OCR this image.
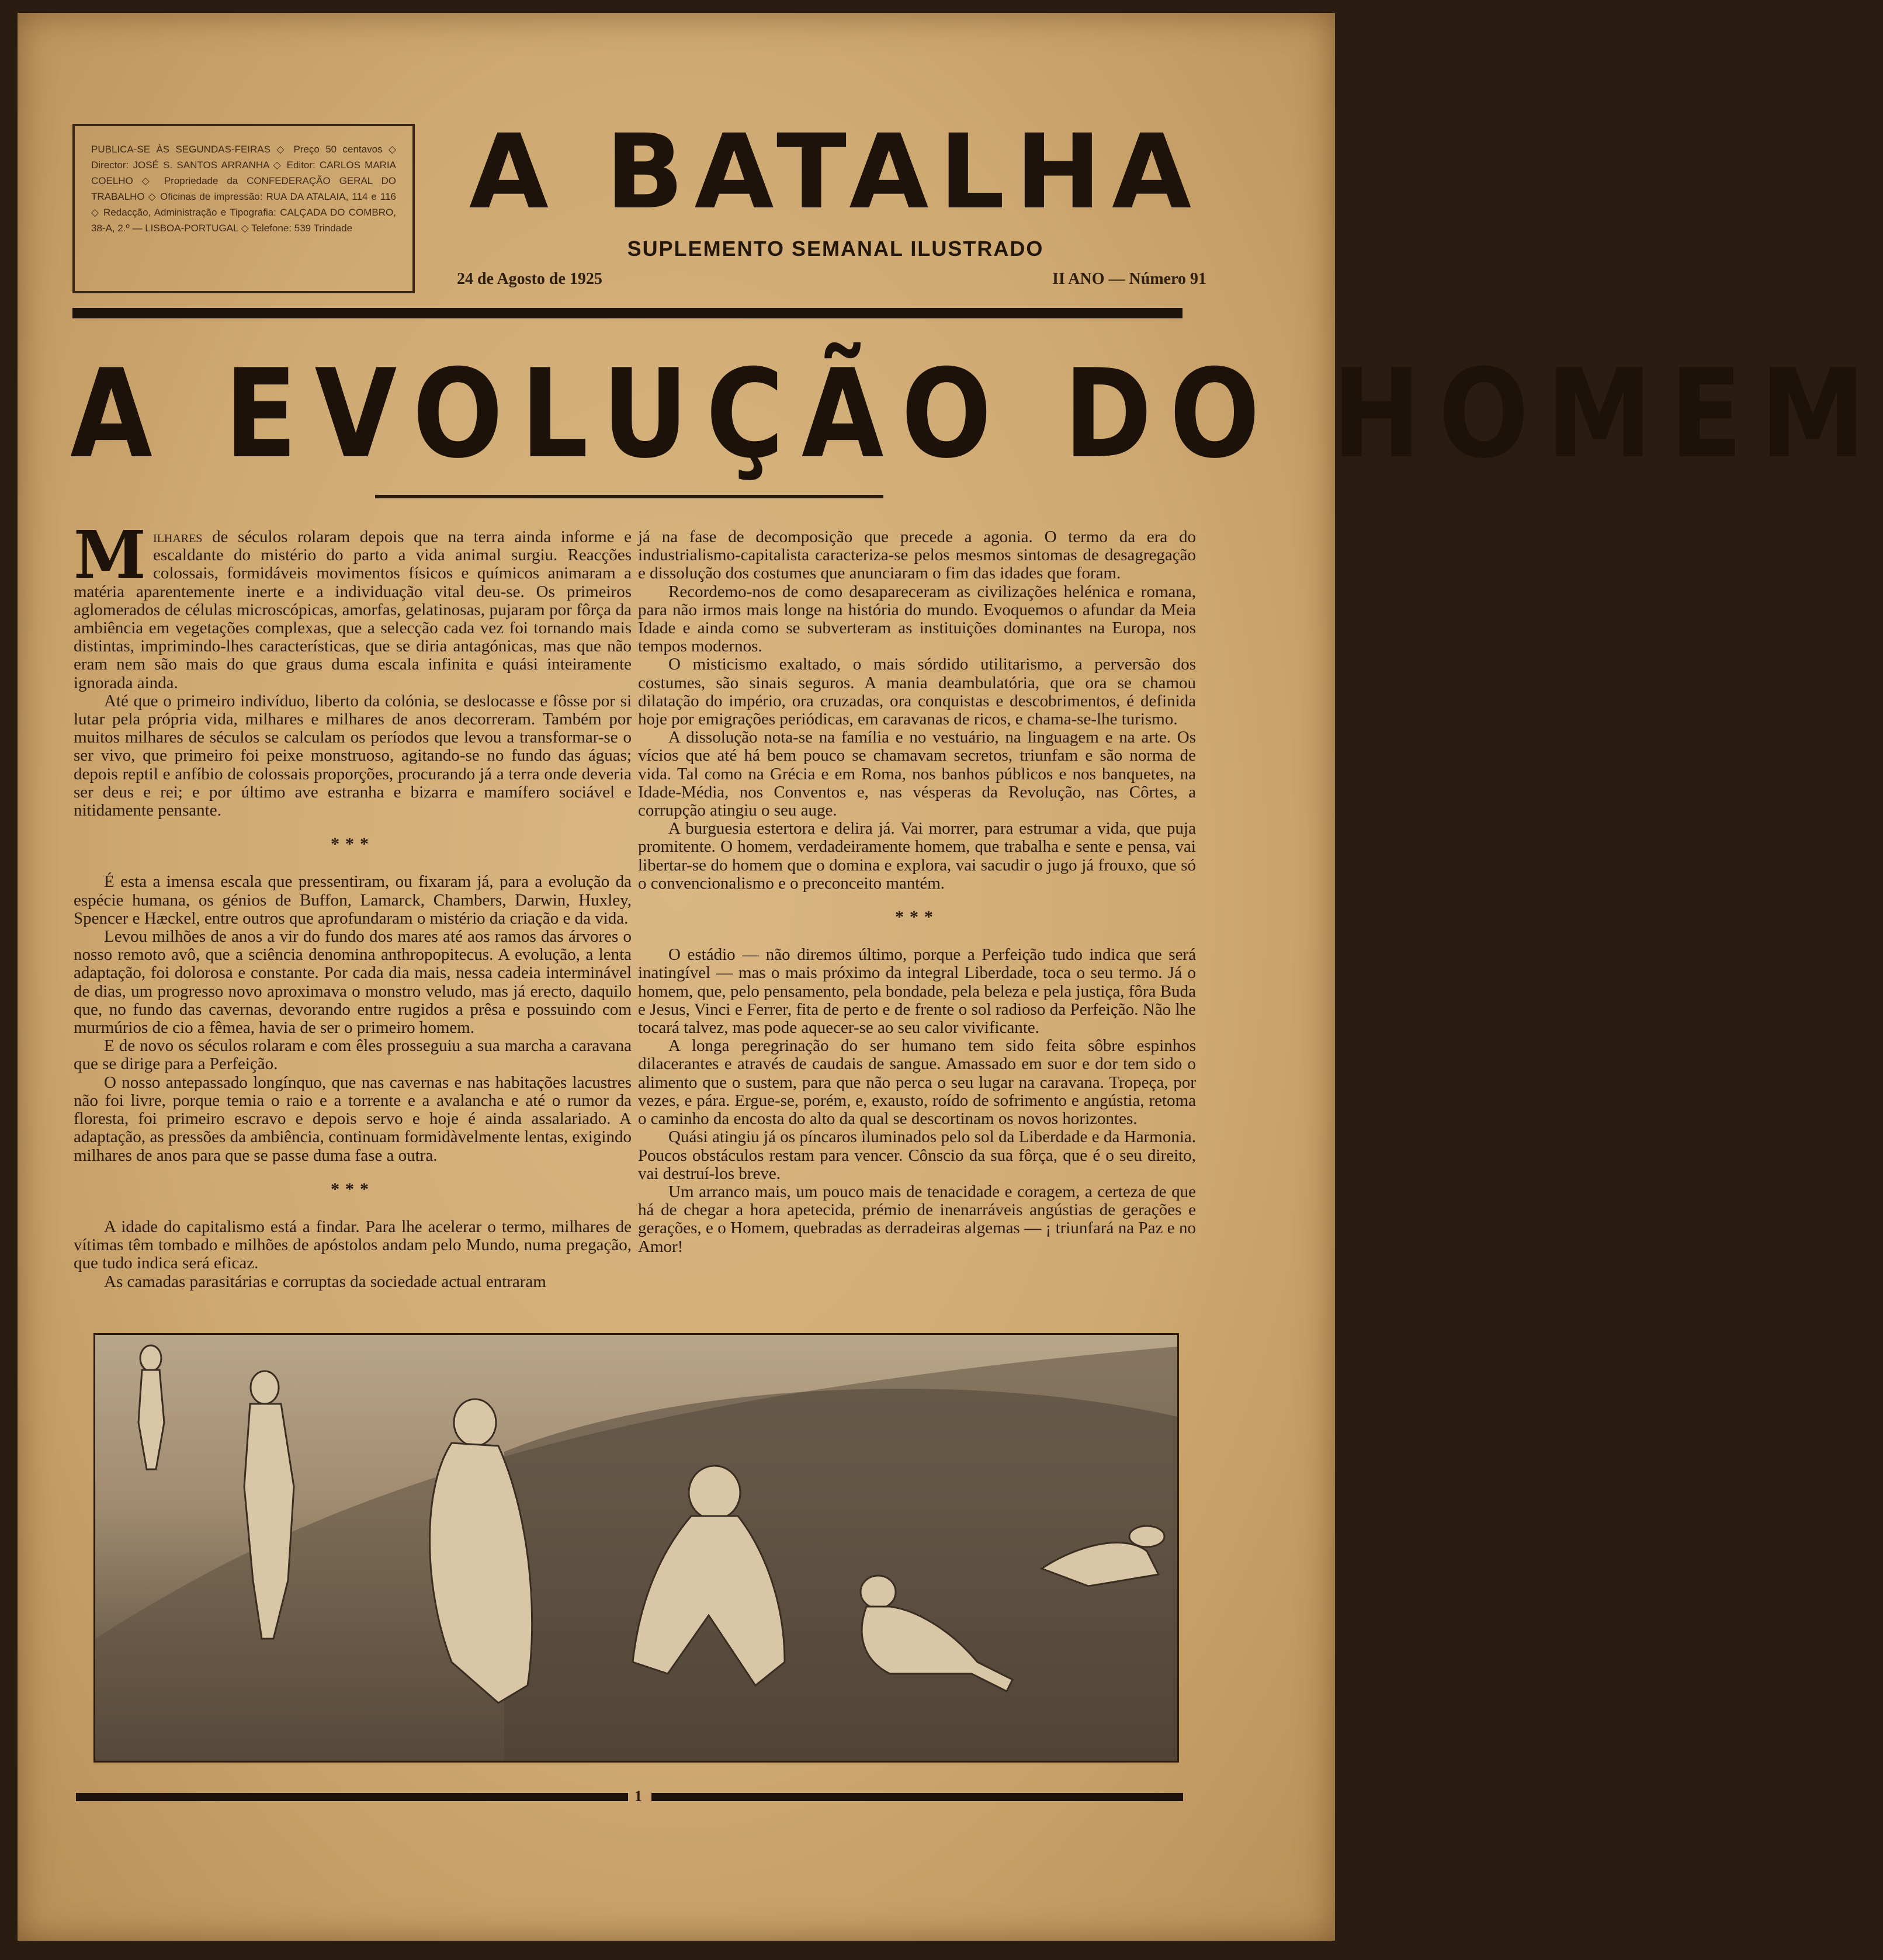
PUBLICA-SE ÀS SEGUNDAS-FEIRAS ◇ Preço 50 centavos ◇ Director: JOSÉ S. SANTOS ARRANHA ◇ Editor: CARLOS MARIA COELHO ◇ Propriedade da CONFEDERAÇÃO GERAL DO TRABALHO ◇ Oficinas de impressão: RUA DA ATALAIA, 114 e 116 ◇ Redacção, Administração e Tipografia: CALÇADA DO COMBRO, 38-A, 2.º — LISBOA-PORTUGAL ◇ Telefone: 539 Trindade	A BATALHA
SUPLEMENTO SEMANAL ILUSTRADO
24 de Agosto de 1925	II ANO — Número 91
A EVOLUÇÃO DO HOMEM

Milhares de séculos rolaram depois que na terra ainda informe e escaldante do mistério do parto a vida animal surgiu. Reacções colossais, formidáveis movimentos físicos e químicos animaram a matéria aparentemente inerte e a individuação vital deu-se. Os primeiros aglomerados de células microscópicas, amorfas, gelatinosas, pujaram por fôrça da ambiência em vegetações complexas, que a selecção cada vez foi tornando mais distintas, imprimindo-lhes características, que se diria antagónicas, mas que não eram nem são mais do que graus duma escala infinita e quási inteiramente ignorada ainda.

Até que o primeiro indivíduo, liberto da colónia, se deslocasse e fôsse por si lutar pela própria vida, milhares e milhares de anos decorreram. Também por muitos milhares de séculos se calculam os períodos que levou a transformar-se o ser vivo, que primeiro foi peixe monstruoso, agitando-se no fundo das águas; depois reptil e anfíbio de colossais proporções, procurando já a terra onde deveria ser deus e rei; e por último ave estranha e bizarra e mamífero sociável e nitidamente pensante.

***

É esta a imensa escala que pressentiram, ou fixaram já, para a evolução da espécie humana, os génios de Buffon, Lamarck, Chambers, Darwin, Huxley, Spencer e Hæckel, entre outros que aprofundaram o mistério da criação e da vida.

Levou milhões de anos a vir do fundo dos mares até aos ramos das árvores o nosso remoto avô, que a sciência denomina anthropopitecus. A evolução, a lenta adaptação, foi dolorosa e constante. Por cada dia mais, nessa cadeia interminável de dias, um progresso novo aproximava o monstro veludo, mas já erecto, daquilo que, no fundo das cavernas, devorando entre rugidos a prêsa e possuindo com murmúrios de cio a fêmea, havia de ser o primeiro homem.

E de novo os séculos rolaram e com êles prosseguiu a sua marcha a caravana que se dirige para a Perfeição.

O nosso antepassado longínquo, que nas cavernas e nas habitações lacustres não foi livre, porque temia o raio e a torrente e a avalancha e até o rumor da floresta, foi primeiro escravo e depois servo e hoje é ainda assalariado. A adaptação, as pressões da ambiência, continuam formidàvelmente lentas, exigindo milhares de anos para que se passe duma fase a outra.

***

A idade do capitalismo está a findar. Para lhe acelerar o termo, milhares de vítimas têm tombado e milhões de apóstolos andam pelo Mundo, numa pregação, que tudo indica será eficaz.

As camadas parasitárias e corruptas da sociedade actual entraram

já na fase de decomposição que precede a agonia. O termo da era do industrialismo-capitalista caracteriza-se pelos mesmos sintomas de desagregação e dissolução dos costumes que anunciaram o fim das idades que foram.

Recordemo-nos de como desapareceram as civilizações helénica e romana, para não irmos mais longe na história do mundo. Evoquemos o afundar da Meia Idade e ainda como se subverteram as instituições dominantes na Europa, nos tempos modernos.

O misticismo exaltado, o mais sórdido utilitarismo, a perversão dos costumes, são sinais seguros. A mania deambulatória, que ora se chamou dilatação do império, ora cruzadas, ora conquistas e descobrimentos, é definida hoje por emigrações periódicas, em caravanas de ricos, e chama-se-lhe turismo.

A dissolução nota-se na família e no vestuário, na linguagem e na arte. Os vícios que até há bem pouco se chamavam secretos, triunfam e são norma de vida. Tal como na Grécia e em Roma, nos banhos públicos e nos banquetes, na Idade-Média, nos Conventos e, nas vésperas da Revolução, nas Côrtes, a corrupção atingiu o seu auge.

A burguesia estertora e delira já. Vai morrer, para estrumar a vida, que puja promitente. O homem, verdadeiramente homem, que trabalha e sente e pensa, vai libertar-se do homem que o domina e explora, vai sacudir o jugo já frouxo, que só o convencionalismo e o preconceito mantém.

***

O estádio — não diremos último, porque a Perfeição tudo indica que será inatingível — mas o mais próximo da integral Liberdade, toca o seu termo. Já o homem, que, pelo pensamento, pela bondade, pela beleza e pela justiça, fôra Buda e Jesus, Vinci e Ferrer, fita de perto e de frente o sol radioso da Perfeição. Não lhe tocará talvez, mas pode aquecer-se ao seu calor vivificante.

A longa peregrinação do ser humano tem sido feita sôbre espinhos dilacerantes e através de caudais de sangue. Amassado em suor e dor tem sido o alimento que o sustem, para que não perca o seu lugar na caravana. Tropeça, por vezes, e pára. Ergue-se, porém, e, exausto, roído de sofrimento e angústia, retoma o caminho da encosta do alto da qual se descortinam os novos horizontes.

Quási atingiu já os píncaros iluminados pelo sol da Liberdade e da Harmonia. Poucos obstáculos restam para vencer. Cônscio da sua fôrça, que é o seu direito, vai destruí-los breve.

Um arranco mais, um pouco mais de tenacidade e coragem, a certeza de que há de chegar a hora apetecida, prémio de inenarráveis angústias de gerações e gerações, e o Homem, quebradas as derradeiras algemas — ¡ triunfará na Paz e no Amor!

1
